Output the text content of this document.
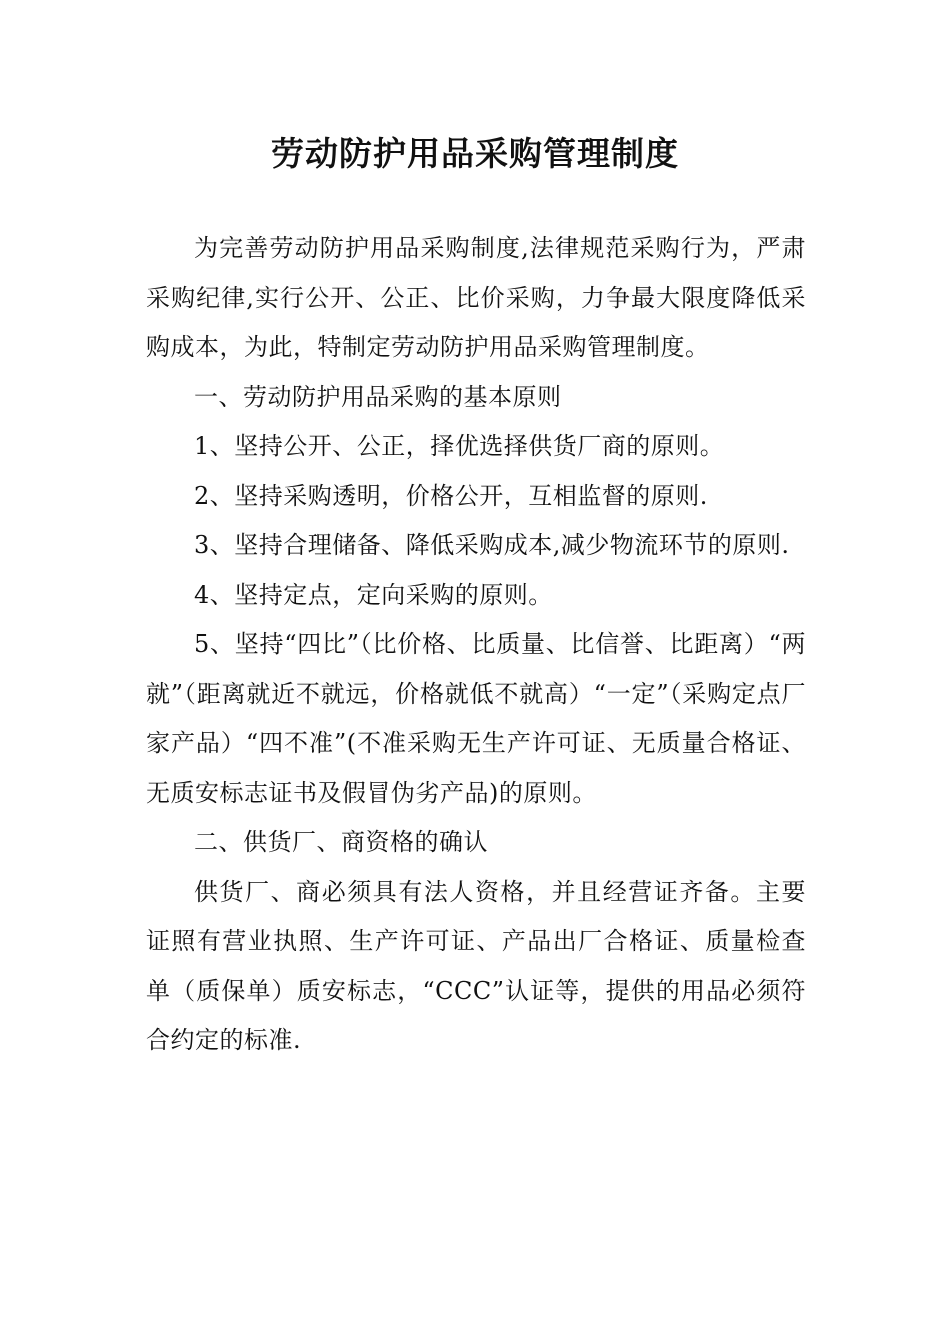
劳动防护用品采购管理制度

为完善劳动防护用品采购制度,法律规范采购行为，严肃采购纪律,实行公开、公正、比价采购，力争最大限度降低采购成本，为此，特制定劳动防护用品采购管理制度。

一、劳动防护用品采购的基本原则

1、坚持公开、公正，择优选择供货厂商的原则。

2、坚持采购透明，价格公开，互相监督的原则.

3、坚持合理储备、降低采购成本,减少物流环节的原则.

4、坚持定点，定向采购的原则。

5、坚持“四比”（比价格、比质量、比信誉、比距离）“两就”（距离就近不就远，价格就低不就高）“一定”（采购定点厂家产品）“四不准”(不准采购无生产许可证、无质量合格证、无质安标志证书及假冒伪劣产品)的原则。

二、供货厂、商资格的确认

供货厂、商必须具有法人资格，并且经营证齐备。主要证照有营业执照、生产许可证、产品出厂合格证、质量检查单（质保单）质安标志，“CCC”认证等，提供的用品必须符合约定的标准.
